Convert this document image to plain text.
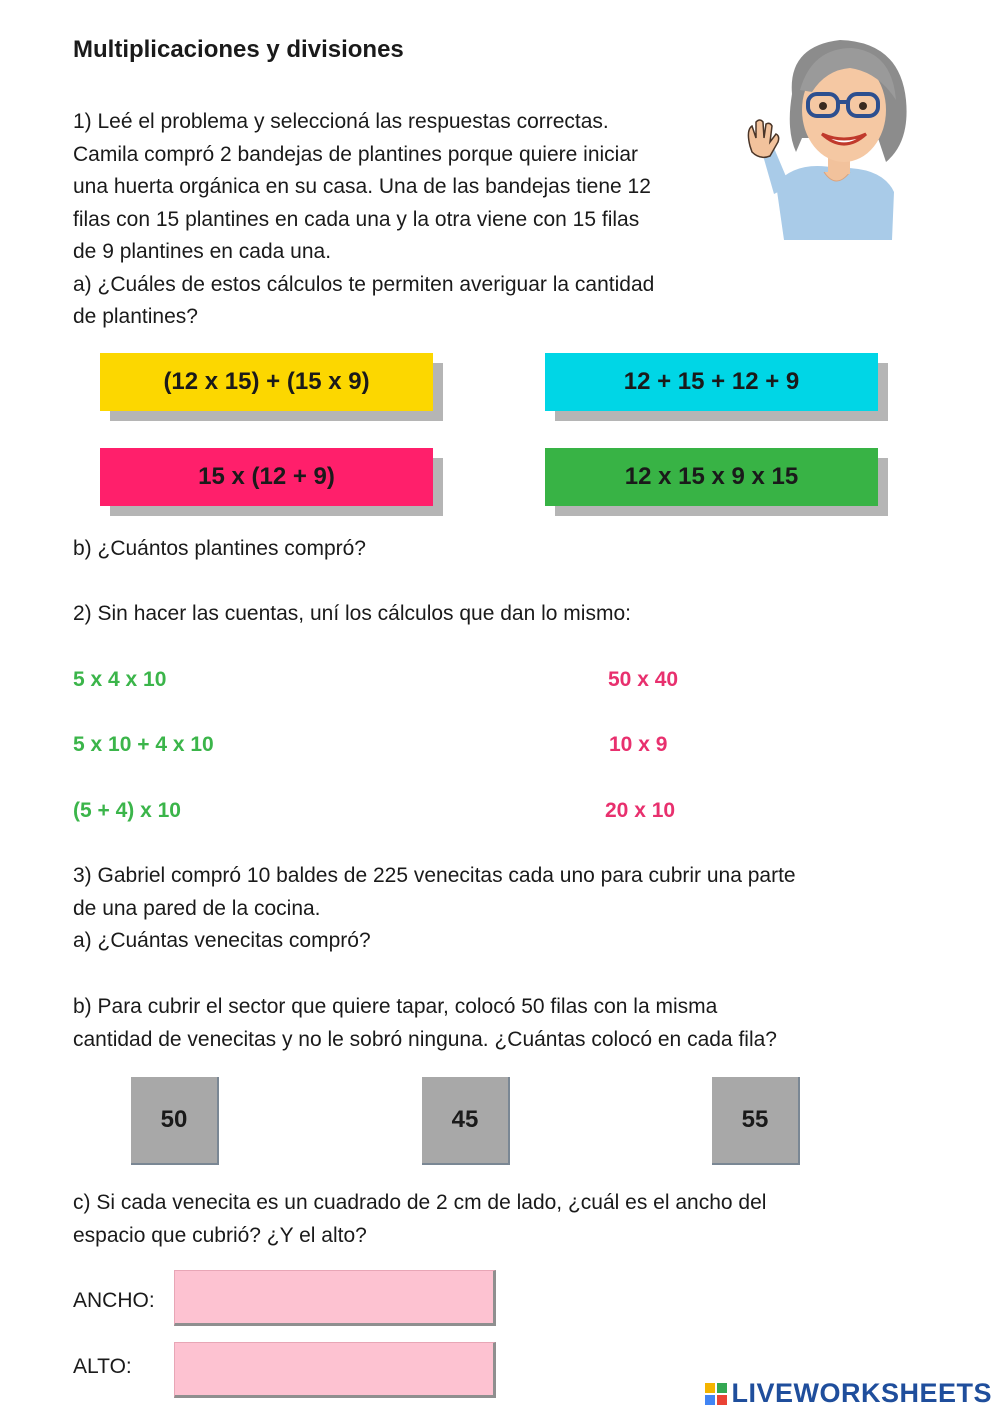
Multiplicaciones y divisiones
1) Leé el problema y seleccioná las respuestas correctas.
Camila compró 2 bandejas de plantines porque quiere iniciar
una huerta orgánica en su casa. Una de las bandejas tiene 12
filas con 15 plantines en cada una y la otra viene con 15 filas
de 9 plantines en cada una.
a) ¿Cuáles de estos cálculos te permiten averiguar la cantidad
de plantines?
(12 x 15) + (15 x 9)	12 + 15 + 12 + 9
15 x (12 + 9)	12 x 15 x 9 x 15
b) ¿Cuántos plantines compró?
2) Sin hacer las cuentas, uní los cálculos que dan lo mismo:
5 x 4 x 10
5 x 10 + 4 x 10
(5 + 4) x 10
50 x 40
10 x 9
20 x 10
3) Gabriel compró 10 baldes de 225 venecitas cada uno para cubrir una parte
de una pared de la cocina.
a) ¿Cuántas venecitas compró?
b) Para cubrir el sector que quiere tapar, colocó 50 filas con la misma
cantidad de venecitas y no le sobró ninguna. ¿Cuántas colocó en cada fila?
50	45	55
c) Si cada venecita es un cuadrado de 2 cm de lado, ¿cuál es el ancho del
espacio que cubrió? ¿Y el alto?
ANCHO:
ALTO:
LIVEWORKSHEETS
